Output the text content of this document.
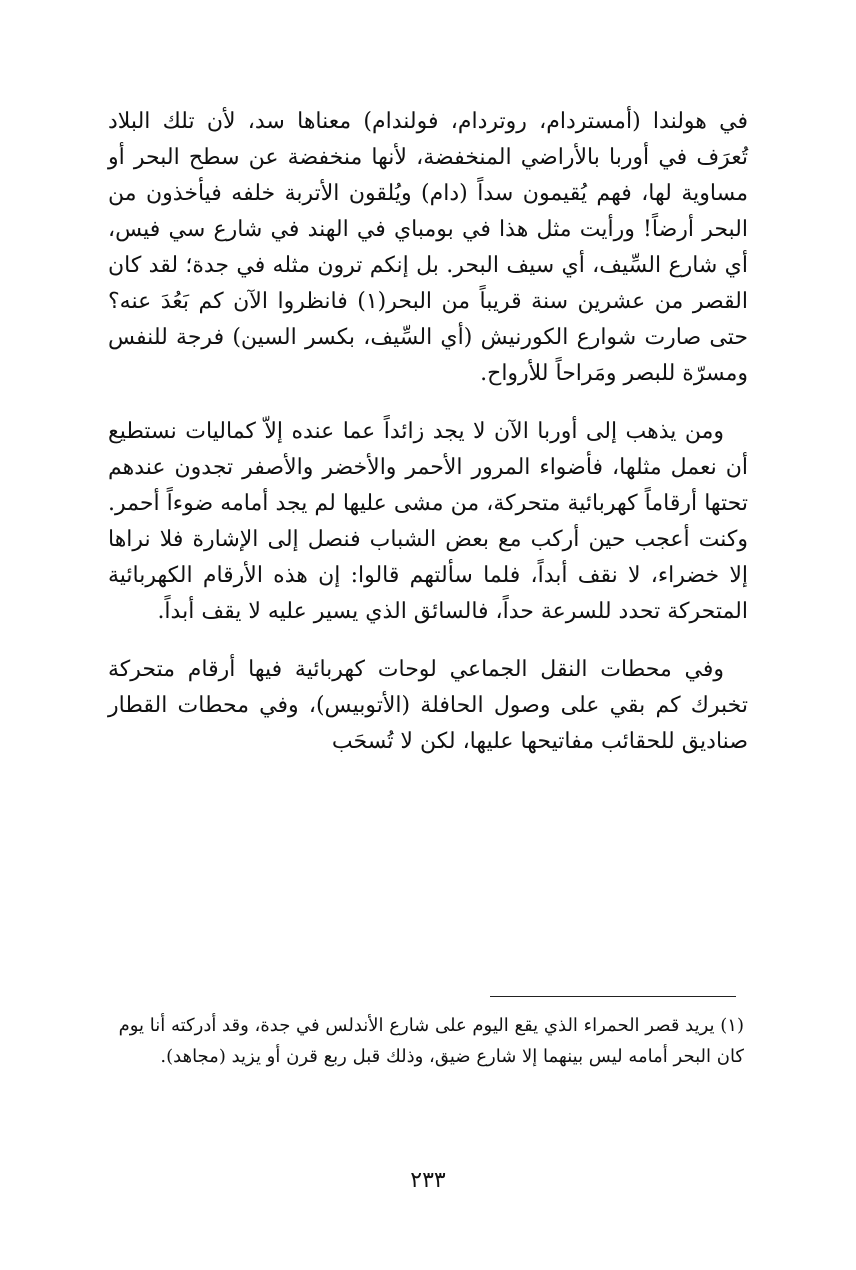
في هولندا (أمستردام، روتردام، فولندام) معناها سد، لأن تلك البلاد تُعرَف في أوربا بالأراضي المنخفضة، لأنها منخفضة عن سطح البحر أو مساوية لها، فهم يُقيمون سداً (دام) ويُلقون الأتربة خلفه فيأخذون من البحر أرضاً! ورأيت مثل هذا في بومباي في الهند في شارع سي فيس، أي شارع السِّيف، أي سيف البحر. بل إنكم ترون مثله في جدة؛ لقد كان القصر من عشرين سنة قريباً من البحر(١) فانظروا الآن كم بَعُدَ عنه؟ حتى صارت شوارع الكورنيش (أي السِّيف، بكسر السين) فرجة للنفس ومسرّة للبصر ومَراحاً للأرواح.

ومن يذهب إلى أوربا الآن لا يجد زائداً عما عنده إلاّ كماليات نستطيع أن نعمل مثلها، فأضواء المرور الأحمر والأخضر والأصفر تجدون عندهم تحتها أرقاماً كهربائية متحركة، من مشى عليها لم يجد أمامه ضوءاً أحمر. وكنت أعجب حين أركب مع بعض الشباب فنصل إلى الإشارة فلا نراها إلا خضراء، لا نقف أبداً، فلما سألتهم قالوا: إن هذه الأرقام الكهربائية المتحركة تحدد للسرعة حداً، فالسائق الذي يسير عليه لا يقف أبداً.

وفي محطات النقل الجماعي لوحات كهربائية فيها أرقام متحركة تخبرك كم بقي على وصول الحافلة (الأتوبيس)، وفي محطات القطار صناديق للحقائب مفاتيحها عليها، لكن لا تُسحَب

(١) يريد قصر الحمراء الذي يقع اليوم على شارع الأندلس في جدة، وقد أدركته أنا يوم كان البحر أمامه ليس بينهما إلا شارع ضيق، وذلك قبل ربع قرن أو يزيد (مجاهد).

٢٣٣
